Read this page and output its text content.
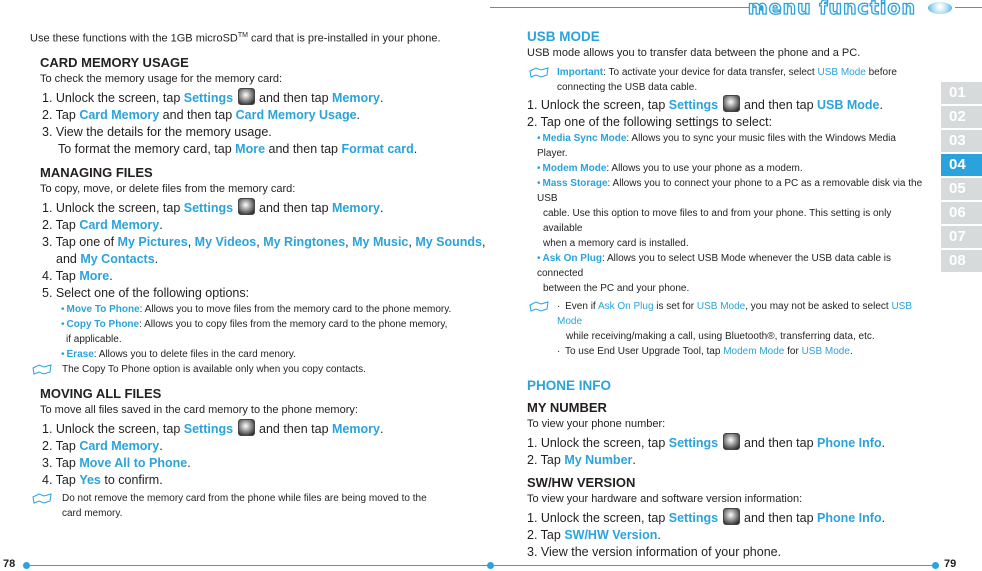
menu function
78	79
01
02
03
04
05
06
07
08

Use these functions with the 1GB microSD™ card that is pre-installed in your phone.

CARD MEMORY USAGE

To check the memory usage for the memory card:

1. Unlock the screen, tap Settings  and then tap Memory.

2. Tap Card Memory and then tap Card Memory Usage.

3. View the details for the memory usage.

To format the memory card, tap More and then tap Format card.

MANAGING FILES

To copy, move, or delete files from the memory card:

1. Unlock the screen, tap Settings  and then tap Memory.

2. Tap Card Memory.

3. Tap one of My Pictures, My Videos, My Ringtones, My Music, My Sounds,

and My Contacts.

4. Tap More.

5. Select one of the following options:

• Move To Phone: Allows you to move files from the memory card to the phone memory.

• Copy To Phone: Allows you to copy files from the memory card to the phone memory,

if applicable.

• Erase: Allows you to delete files in the card menory.

The Copy To Phone option is available only when you copy contacts.

MOVING ALL FILES

To move all files saved in the card memory to the phone memory:

1. Unlock the screen, tap Settings  and then tap Memory.

2. Tap Card Memory.

3. Tap Move All to Phone.

4. Tap Yes to confirm.

Do not remove the memory card from the phone while files are being moved to the

card memory.

USB MODE

USB mode allows you to transfer data between the phone and a PC.

Important: To activate your device for data transfer, select USB Mode before

connecting the USB data cable.

1. Unlock the screen, tap Settings  and then tap USB Mode.

2. Tap one of the following settings to select:

• Media Sync Mode: Allows you to sync your music files with the Windows Media Player.

• Modem Mode: Allows you to use your phone as a modem.

• Mass Storage: Allows you to connect your phone to a PC as a removable disk via the USB

cable. Use this option to move files to and from your phone. This setting is only available

when a memory card is installed.

• Ask On Plug: Allows you to select USB Mode whenever the USB data cable is connected

between the PC and your phone.

· Even if Ask On Plug is set for USB Mode, you may not be asked to select USB Mode

while receiving/making a call, using Bluetooth®, transferring data, etc.

· To use End User Upgrade Tool, tap Modem Mode for USB Mode.

PHONE INFO

MY NUMBER

To view your phone number:

1. Unlock the screen, tap Settings  and then tap Phone Info.

2. Tap My Number.

SW/HW VERSION

To view your hardware and software version information:

1. Unlock the screen, tap Settings  and then tap Phone Info.

2. Tap SW/HW Version.

3. View the version information of your phone.
